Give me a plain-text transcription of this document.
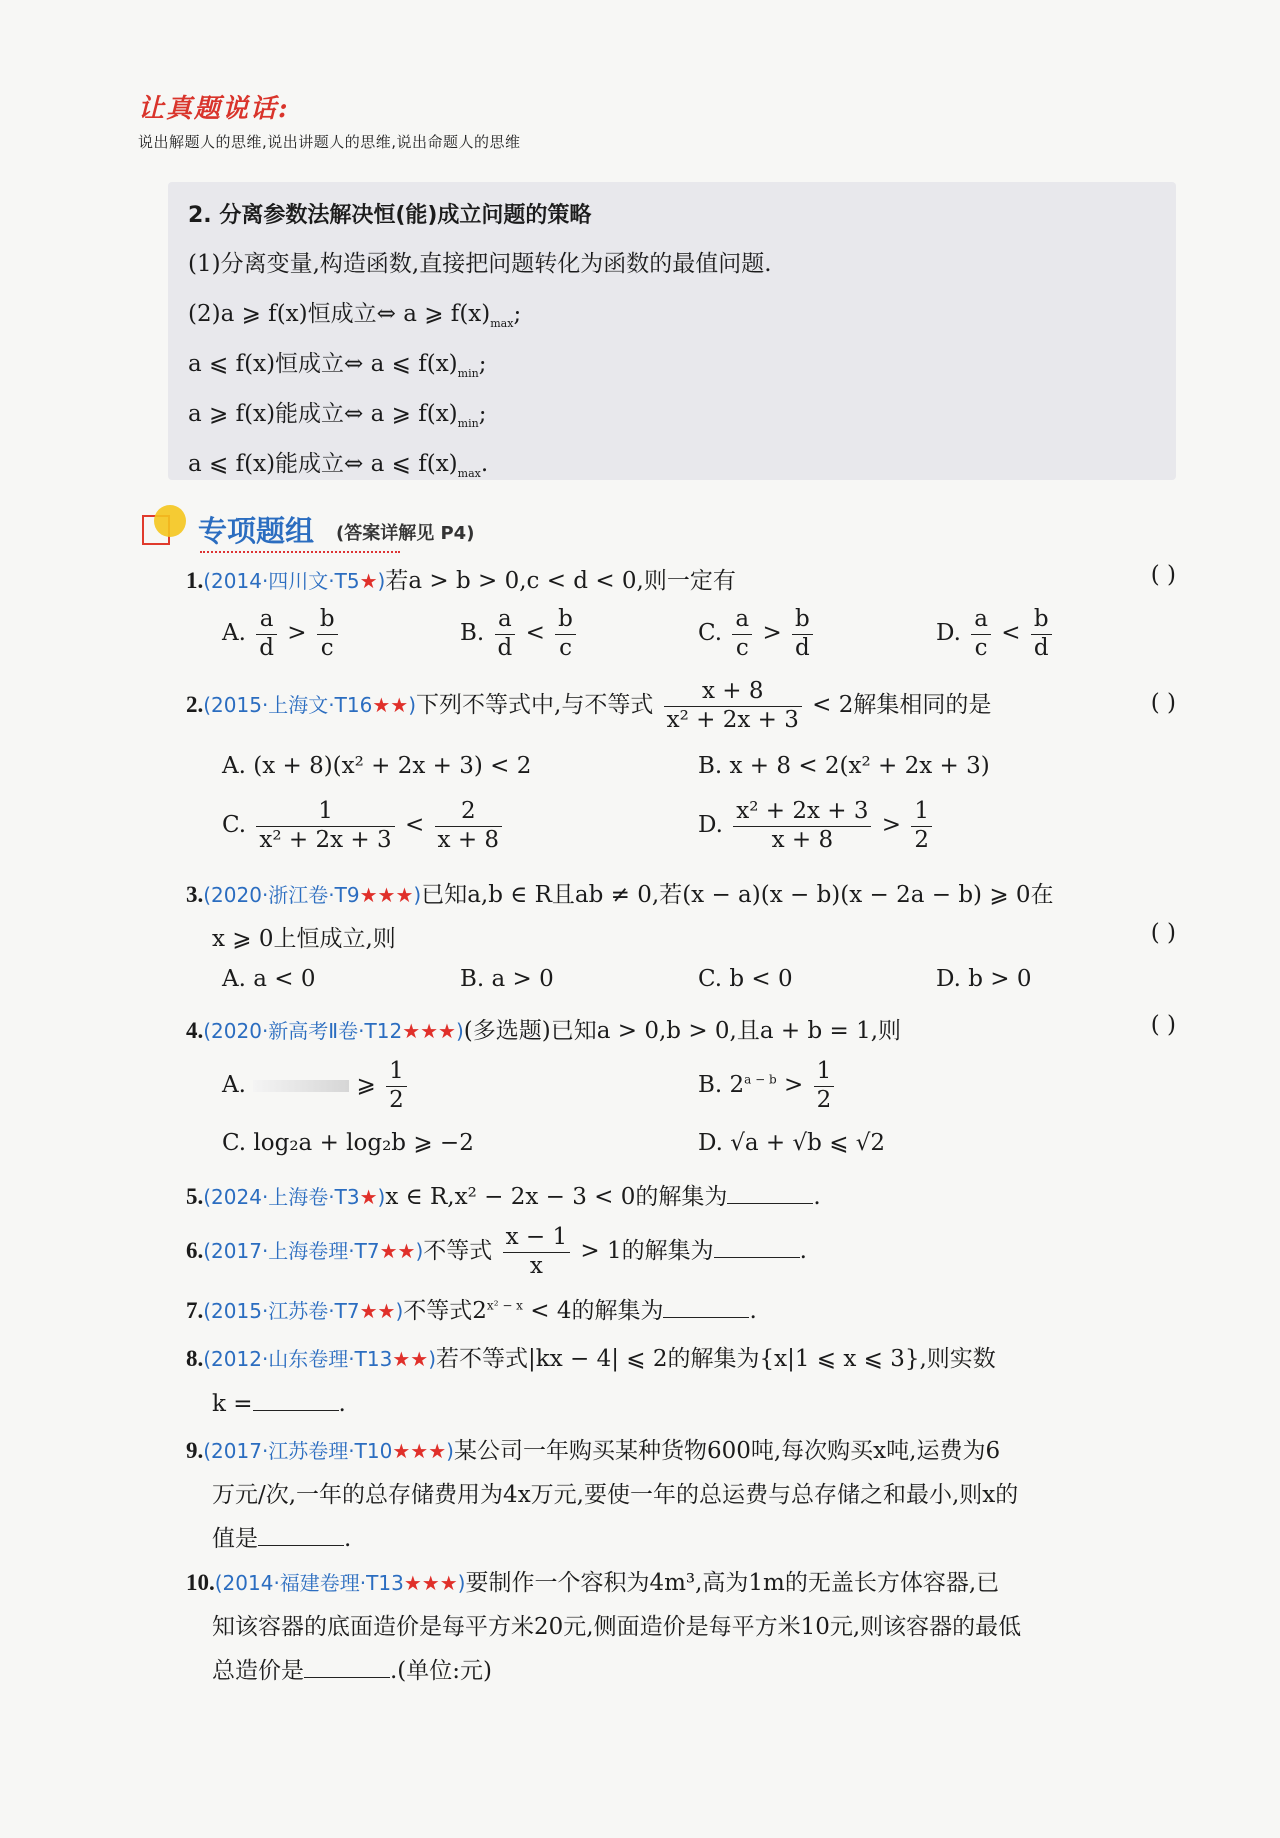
让真题说话:
说出解题人的思维,说出讲题人的思维,说出命题人的思维
2. 分离参数法解决恒(能)成立问题的策略
(1)分离变量,构造函数,直接把问题转化为函数的最值问题.
(2)a ⩾ f(x)恒成立⇔ a ⩾ $f(x)_{max}$;
a ⩽ f(x)恒成立⇔ a ⩽ $f(x)_{min}$;
a ⩾ f(x)能成立⇔ a ⩾ $f(x)_{min}$;
a ⩽ f(x)能成立⇔ a ⩽ $f(x)_{max}$.
专项题组 (答案详解见 P4)
1.(2014·四川文·T5★)若a > b > 0,c < d < 0,则一定有	( )
A. $\frac{a}{d} > \frac{b}{c}$	B. $\frac{a}{d} < \frac{b}{c}$	C. $\frac{a}{c} > \frac{b}{d}$	D. $\frac{a}{c} < \frac{b}{d}$
2.(2015·上海文·T16★★)下列不等式中,与不等式 $\frac{x + 8}{\text{x² + 2x + 3}} < 2$解集相同的是	( )
A. (x + 8)(x² + 2x + 3) < 2	B. x + 8 < 2(x² + 2x + 3)
C. $\frac{1}{\text{x² + 2x + 3}} < \frac{2}{x + 8}$	D. $\frac{\text{x² + 2x + 3}}{x + 8} > \frac{1}{2}$
3.(2020·浙江卷·T9★★★)已知a,b ∈ R且ab ≠ 0,若(x − a)(x − b)(x − 2a − b) ⩾ 0在
x ⩾ 0上恒成立,则	( )
A. a < 0	B. a > 0	C. b < 0	D. b > 0
4.(2020·新高考Ⅱ卷·T12★★★)(多选题)已知a > 0,b > 0,且a + b = 1,则	( )
A.	⩾ $\frac{1}{2}$	B. $2^{a - b} > \frac{1}{2}$
C. log₂a + log₂b ⩾ −2	D. √a + √b ⩽ √2
5.(2024·上海卷·T3★)x ∈ R,x² − 2x − 3 < 0的解集为	.
6.(2017·上海卷理·T7★★)不等式 $\frac{x - 1}{x} > 1$的解集为	.
7.(2015·江苏卷·T7★★)不等式$2^{x^2 - x} < 4$的解集为	.
8.(2012·山东卷理·T13★★)若不等式|kx − 4| ⩽ 2的解集为{x|1 ⩽ x ⩽ 3},则实数
k =	.
9.(2017·江苏卷理·T10★★★)某公司一年购买某种货物600吨,每次购买x吨,运费为6
万元/次,一年的总存储费用为4x万元,要使一年的总运费与总存储之和最小,则x的
值是	.
10.(2014·福建卷理·T13★★★)要制作一个容积为4m³,高为1m的无盖长方体容器,已
知该容器的底面造价是每平方米20元,侧面造价是每平方米10元,则该容器的最低
总造价是	.(单位:元)
